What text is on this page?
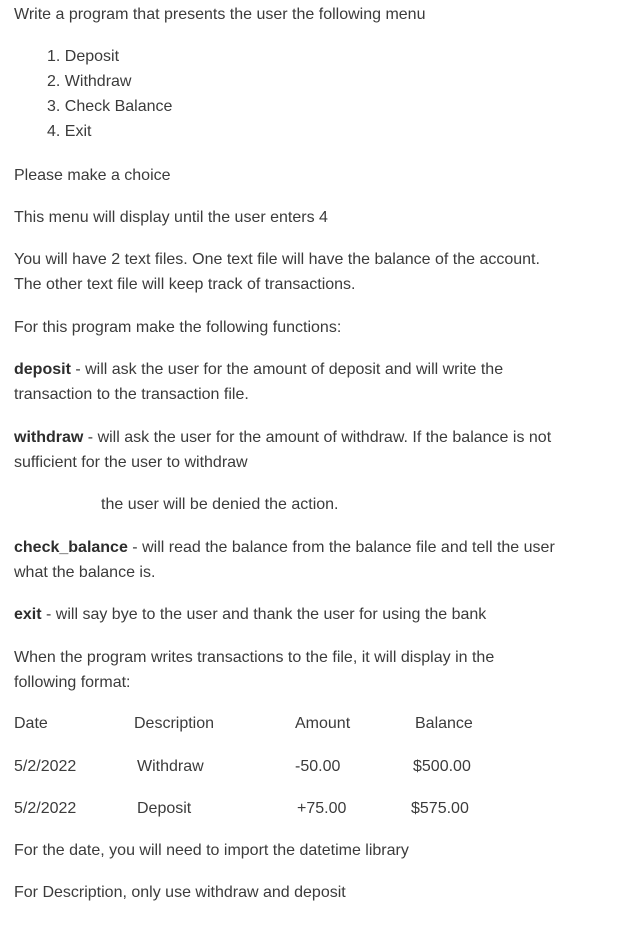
Write a program that presents the user the following menu
1. Deposit
2. Withdraw
3. Check Balance
4. Exit
Please make a choice
This menu will display until the user enters 4
You will have 2 text files. One text file will have the balance of the account.
The other text file will keep track of transactions.
For this program make the following functions:
deposit - will ask the user for the amount of deposit and will write the
transaction to the transaction file.
withdraw - will ask the user for the amount of withdraw. If the balance is not
sufficient for the user to withdraw
the user will be denied the action.
check_balance - will read the balance from the balance file and tell the user
what the balance is.
exit - will say bye to the user and thank the user for using the bank
When the program writes transactions to the file, it will display in the
following format:
Date	Description	Amount	Balance
5/2/2022	Withdraw	-50.00	$500.00
5/2/2022	Deposit	+75.00	$575.00
For the date, you will need to import the datetime library
For Description, only use withdraw and deposit
